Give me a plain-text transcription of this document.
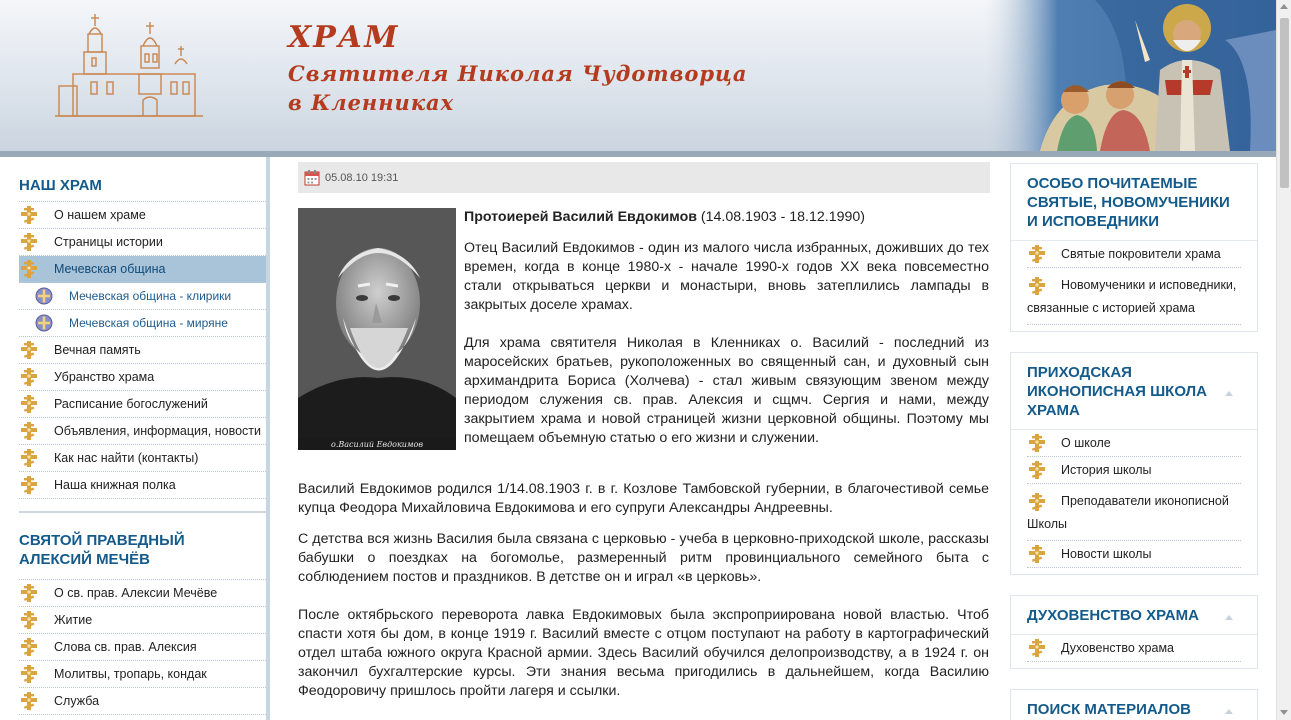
ХРАМ
Святителя Николая Чудотворца
в Кленниках
НАШ ХРАМ
О нашем храме
Страницы истории
Мечевская община
Мечевская община - клирики
Мечевская община - миряне
Вечная память
Убранство храма
Расписание богослужений
Объявления, информация, новости
Как нас найти (контакты)
Наша книжная полка
СВЯТОЙ ПРАВЕДНЫЙ АЛЕКСИЙ МЕЧЁВ
О св. прав. Алексии Мечёве
Житие
Слова св. прав. Алексия
Молитвы, тропарь, кондак
Служба
05.08.10 19:31
о.Василий Евдокимов

Протоиерей Василий Евдокимов (14.08.1903 - 18.12.1990)

Отец Василий Евдокимов - один из малого числа избранных, доживших до тех времен, когда в конце 1980-х - начале 1990-х годов XX века повсеместно стали открываться церкви и монастыри, вновь затеплились лампады в закрытых доселе храмах.

Для храма святителя Николая в Кленниках о. Василий - последний из маросейских братьев, рукоположенных во священный сан, и духовный сын архимандрита Бориса (Холчева) - стал живым связующим звеном между периодом служения св. прав. Алексия и сщмч. Сергия и нами, между закрытием храма и новой страницей жизни церковной общины. Поэтому мы помещаем объемную статью о его жизни и служении.

Василий Евдокимов родился 1/14.08.1903 г. в г. Козлове Тамбовской губернии, в благочестивой семье купца Феодора Михайловича Евдокимова и его супруги Александры Андреевны.

С детства вся жизнь Василия была связана с церковью - учеба в церковно-приходской школе, рассказы бабушки о поездках на богомолье, размеренный ритм провинциального семейного быта с соблюдением постов и праздников. В детстве он и играл «в церковь».

После октябрьского переворота лавка Евдокимовых была экспроприирована новой властью. Чтоб спасти хотя бы дом, в конце 1919 г. Василий вместе с отцом поступают на работу в картографический отдел штаба южного округа Красной армии. Здесь Василий обучился делопроизводству, а в 1924 г. он закончил бухгалтерские курсы. Эти знания весьма пригодились в дальнейшем, когда Василию Феодоровичу пришлось пройти лагеря и ссылки.

ОСОБО ПОЧИТАЕМЫЕ СВЯТЫЕ, НОВОМУЧЕНИКИ И ИСПОВЕДНИКИ
Святые покровители храма
Новомученики и исповедники, связанные с историей храма
ПРИХОДСКАЯ ИКОНОПИСНАЯ ШКОЛА ХРАМА
О школе
История школы
Преподаватели иконописной Школы
Новости школы
ДУХОВЕНСТВО ХРАМА
Духовенство храма
ПОИСК МАТЕРИАЛОВ
